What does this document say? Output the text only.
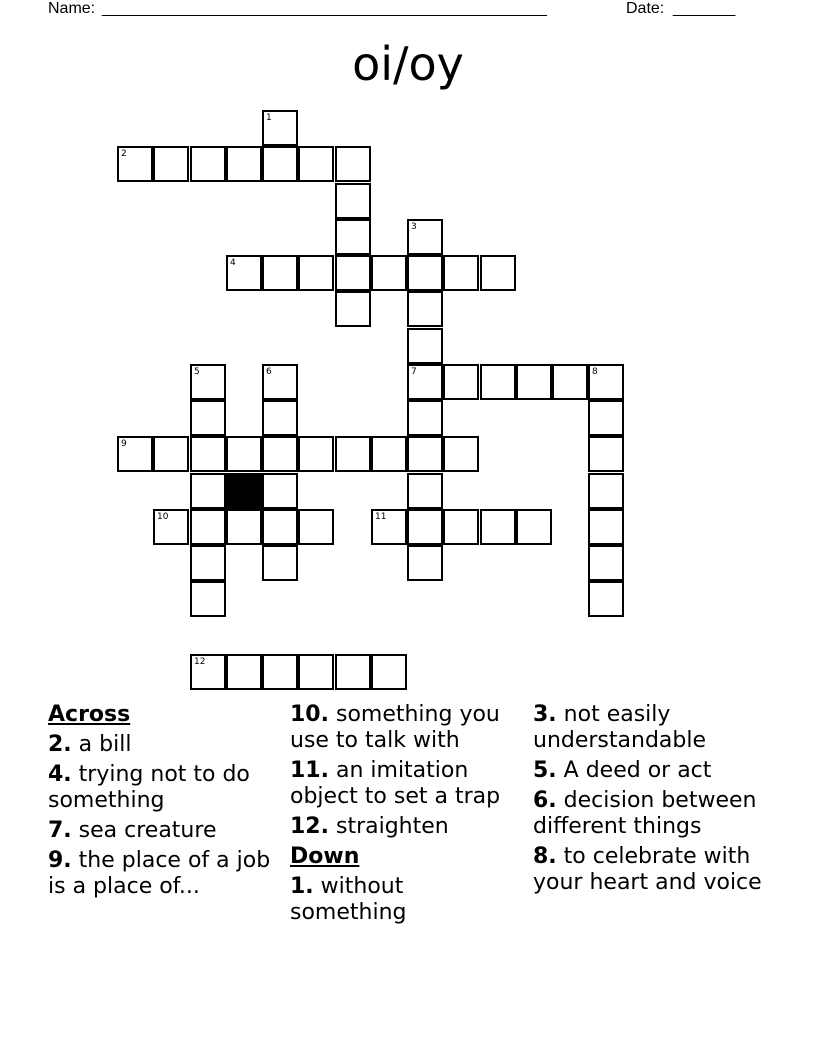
Name: __________________________________________________	Date: _______
oi/oy
1
2
3
4
5	6	7	8
9
10	11
12
Across
2. a bill
4. trying not to do something
7. sea creature
9. the place of a job is a place of...
10. something you use to talk with
11. an imitation object to set a trap
12. straighten
Down
1. without something
3. not easily understandable
5. A deed or act
6. decision between different things
8. to celebrate with your heart and voice
